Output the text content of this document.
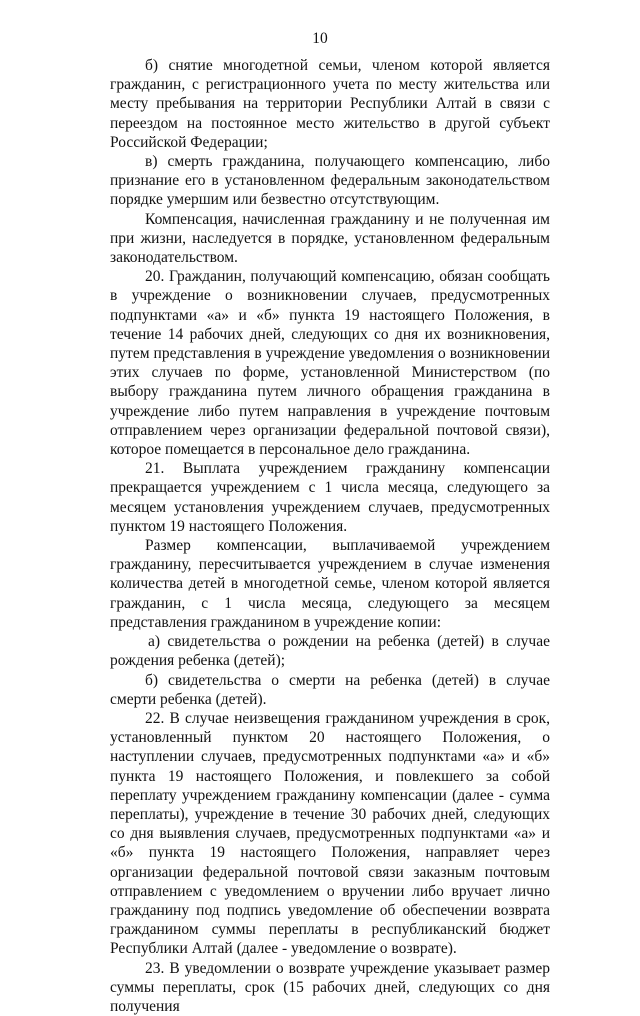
10

б) снятие многодетной семьи, членом которой является гражданин, с регистрационного учета по месту жительства или месту пребывания на территории Республики Алтай в связи с переездом на постоянное место жительство в другой субъект Российской Федерации;

в) смерть гражданина, получающего компенсацию, либо признание его в установленном федеральным законодательством порядке умершим или безвестно отсутствующим.

Компенсация, начисленная гражданину и не полученная им при жизни, наследуется в порядке, установленном федеральным законодательством.

20. Гражданин, получающий компенсацию, обязан сообщать в учреждение о возникновении случаев, предусмотренных подпунктами «а» и «б» пункта 19 настоящего Положения, в течение 14 рабочих дней, следующих со дня их возникновения, путем представления в учреждение уведомления о возникновении этих случаев по форме, установленной Министерством (по выбору гражданина путем личного обращения гражданина в учреждение либо путем направления в учреждение почтовым отправлением через организации федеральной почтовой связи), которое помещается в персональное дело гражданина.

21. Выплата учреждением гражданину компенсации прекращается учреждением с 1 числа месяца, следующего за месяцем установления учреждением случаев, предусмотренных пунктом 19 настоящего Положения.

Размер компенсации, выплачиваемой учреждением гражданину, пересчитывается учреждением в случае изменения количества детей в многодетной семье, членом которой является гражданин, с 1 числа месяца, следующего за месяцем представления гражданином в учреждение копии:

а) свидетельства о рождении на ребенка (детей) в случае рождения ребенка (детей);

б) свидетельства о смерти на ребенка (детей) в случае смерти ребенка (детей).

22. В случае неизвещения гражданином учреждения в срок, установленный пунктом 20 настоящего Положения, о наступлении случаев, предусмотренных подпунктами «а» и «б» пункта 19 настоящего Положения, и повлекшего за собой переплату учреждением гражданину компенсации (далее - сумма переплаты), учреждение в течение 30 рабочих дней, следующих со дня выявления случаев, предусмотренных подпунктами «а» и «б» пункта 19 настоящего Положения, направляет через организации федеральной почтовой связи заказным почтовым отправлением с уведомлением о вручении либо вручает лично гражданину под подпись уведомление об обеспечении возврата гражданином суммы переплаты в республиканский бюджет Республики Алтай (далее - уведомление о возврате).

23. В уведомлении о возврате учреждение указывает размер суммы переплаты, срок (15 рабочих дней, следующих со дня получения
